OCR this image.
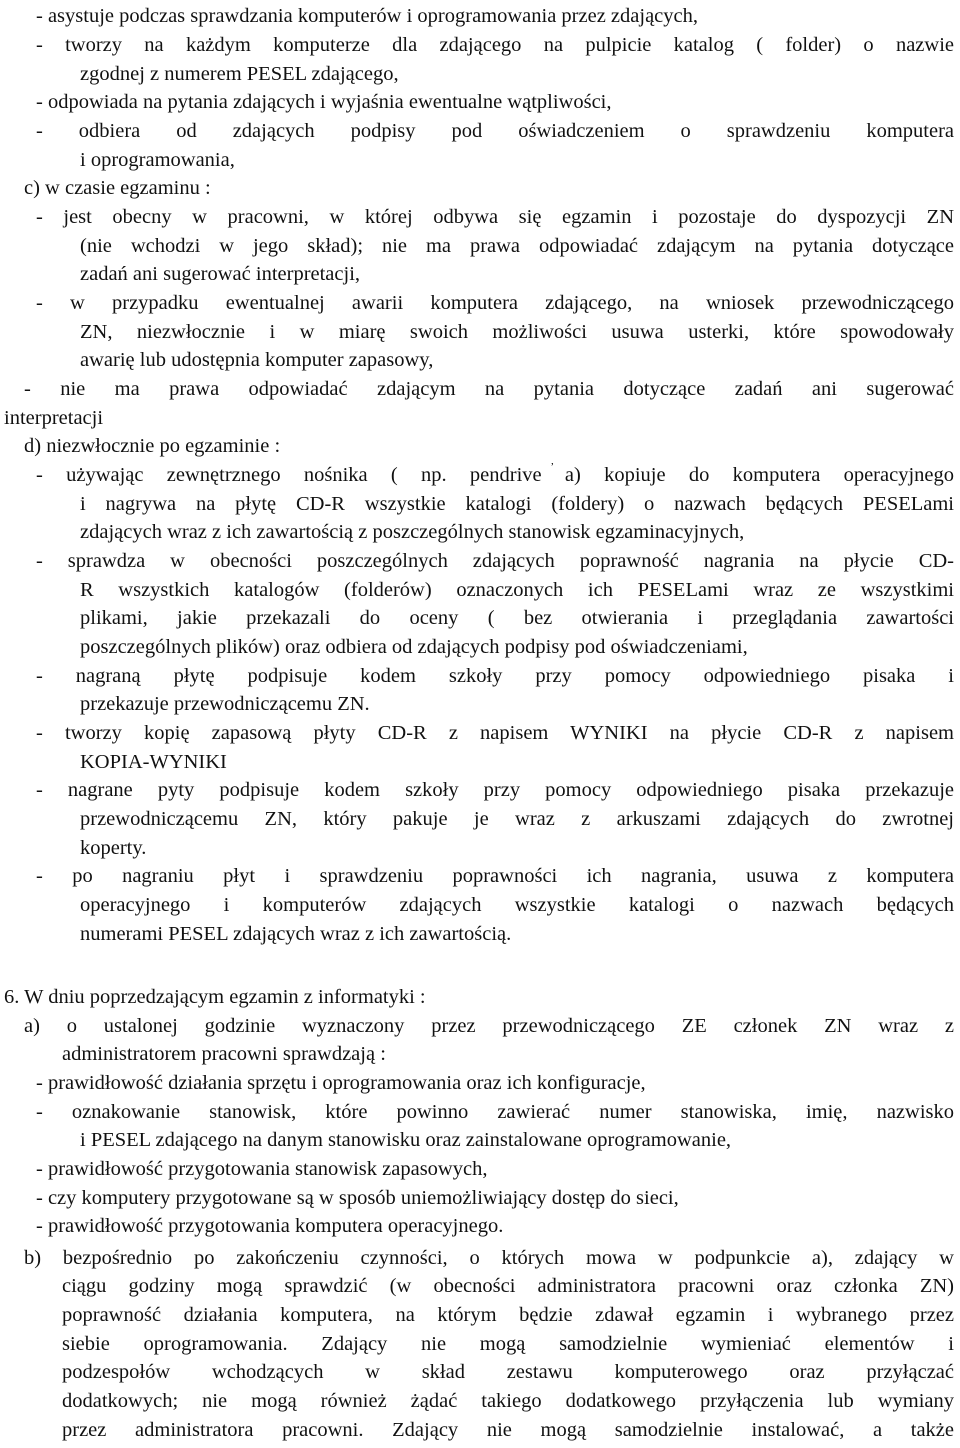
- asystuje podczas sprawdzania komputerów i oprogramowania przez zdających,
- tworzy na każdym komputerze dla zdającego na pulpicie katalog ( folder) o nazwie
zgodnej z numerem PESEL zdającego,
- odpowiada na pytania zdających i wyjaśnia ewentualne wątpliwości,
- odbiera od zdających podpisy pod oświadczeniem o sprawdzeniu komputera
i oprogramowania,
c) w czasie egzaminu :
- jest obecny w pracowni, w której odbywa się egzamin i pozostaje do dyspozycji ZN
(nie wchodzi w jego skład); nie ma prawa odpowiadać zdającym na pytania dotyczące
zadań ani sugerować interpretacji,
- w przypadku ewentualnej awarii komputera zdającego, na wniosek przewodniczącego
ZN, niezwłocznie i w miarę swoich możliwości usuwa usterki, które spowodowały
awarię lub udostępnia komputer zapasowy,
- nie ma prawa odpowiadać zdającym na pytania dotyczące zadań ani sugerować
interpretacji
d) niezwłocznie po egzaminie :
- używając zewnętrznego nośnika ( np. pendrive a) kopiuje do komputera operacyjnego
i nagrywa na płytę CD-R wszystkie katalogi (foldery) o nazwach będących PESELami
zdających wraz z ich zawartością z poszczególnych stanowisk egzaminacyjnych,
- sprawdza w obecności poszczególnych zdających poprawność nagrania na płycie CD-
R wszystkich katalogów (folderów) oznaczonych ich PESELami wraz ze wszystkimi
plikami, jakie przekazali do oceny ( bez otwierania i przeglądania zawartości
poszczególnych plików) oraz odbiera od zdających podpisy pod oświadczeniami,
- nagraną płytę podpisuje kodem szkoły przy pomocy odpowiedniego pisaka i
przekazuje przewodniczącemu ZN.
- tworzy kopię zapasową płyty CD-R z napisem WYNIKI na płycie CD-R z napisem
KOPIA-WYNIKI
- nagrane pyty podpisuje kodem szkoły przy pomocy odpowiedniego pisaka przekazuje
przewodniczącemu ZN, który pakuje je wraz z arkuszami zdających do zwrotnej
koperty.
- po nagraniu płyt i sprawdzeniu poprawności ich nagrania, usuwa z komputera
operacyjnego i komputerów zdających wszystkie katalogi o nazwach będących
numerami PESEL zdających wraz z ich zawartością.
6. W dniu poprzedzającym egzamin z informatyki :
a) o ustalonej godzinie wyznaczony przez przewodniczącego ZE członek ZN wraz z
administratorem pracowni sprawdzają :
- prawidłowość działania sprzętu i oprogramowania oraz ich konfiguracje,
- oznakowanie stanowisk, które powinno zawierać numer stanowiska, imię, nazwisko
i PESEL zdającego na danym stanowisku oraz zainstalowane oprogramowanie,
- prawidłowość przygotowania stanowisk zapasowych,
- czy komputery przygotowane są w sposób uniemożliwiający dostęp do sieci,
- prawidłowość przygotowania komputera operacyjnego.
b) bezpośrednio po zakończeniu czynności, o których mowa w podpunkcie a), zdający w
ciągu godziny mogą sprawdzić (w obecności administratora pracowni oraz członka ZN)
poprawność działania komputera, na którym będzie zdawał egzamin i wybranego przez
siebie oprogramowania. Zdający nie mogą samodzielnie wymieniać elementów i
podzespołów wchodzących w skład zestawu komputerowego oraz przyłączać
dodatkowych; nie mogą również żądać takiego dodatkowego przyłączenia lub wymiany
przez administratora pracowni. Zdający nie mogą samodzielnie instalować, a także
,
